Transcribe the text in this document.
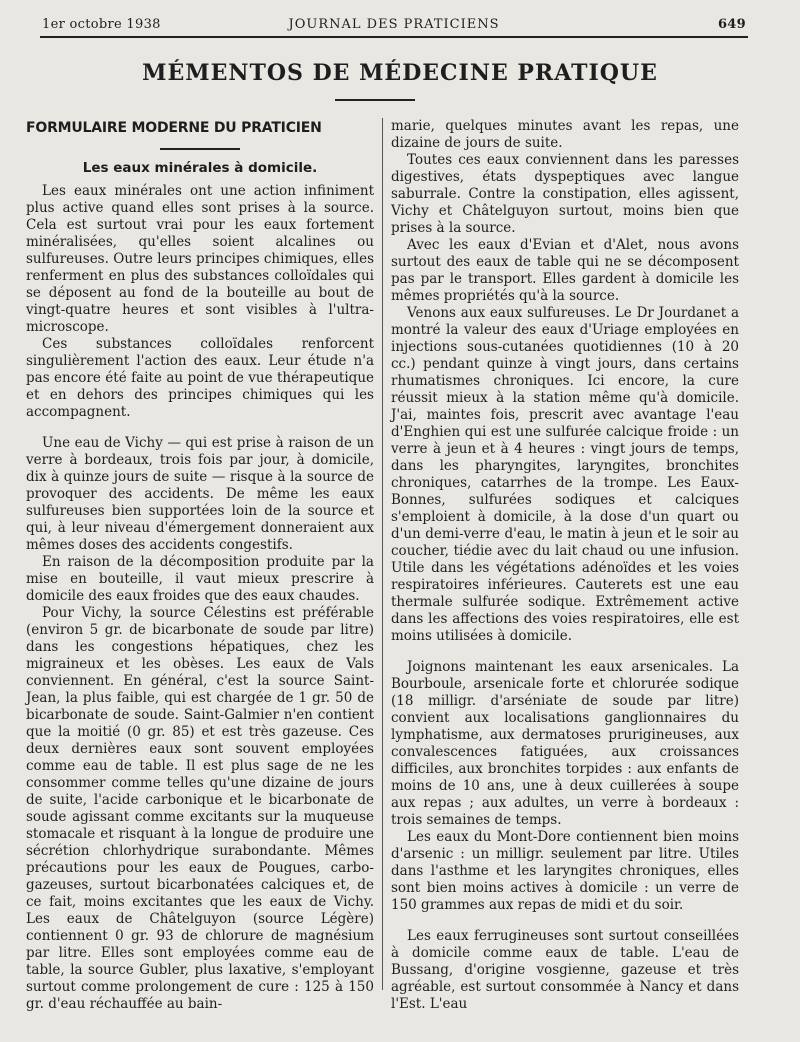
1er octobre 1938	JOURNAL DES PRATICIENS	649
MÉMENTOS DE MÉDECINE PRATIQUE
FORMULAIRE MODERNE DU PRATICIEN
Les eaux minérales à domicile.

Les eaux minérales ont une action infiniment plus active quand elles sont prises à la source. Cela est surtout vrai pour les eaux fortement minéralisées, qu'elles soient alcalines ou sulfureuses. Outre leurs principes chimiques, elles renferment en plus des substances colloïdales qui se déposent au fond de la bouteille au bout de vingt-quatre heures et sont visibles à l'ultra-microscope.

Ces substances colloïdales renforcent singulièrement l'action des eaux. Leur étude n'a pas encore été faite au point de vue thérapeutique et en dehors des principes chimiques qui les accompagnent.

Une eau de Vichy — qui est prise à raison de un verre à bordeaux, trois fois par jour, à domicile, dix à quinze jours de suite — risque à la source de provoquer des accidents. De même les eaux sulfureuses bien supportées loin de la source et qui, à leur niveau d'émergement donneraient aux mêmes doses des accidents congestifs.

En raison de la décomposition produite par la mise en bouteille, il vaut mieux prescrire à domicile des eaux froides que des eaux chaudes.

Pour Vichy, la source Célestins est préférable (environ 5 gr. de bicarbonate de soude par litre) dans les congestions hépatiques, chez les migraineux et les obèses. Les eaux de Vals conviennent. En général, c'est la source Saint-Jean, la plus faible, qui est chargée de 1 gr. 50 de bicarbonate de soude. Saint-Galmier n'en contient que la moitié (0 gr. 85) et est très gazeuse. Ces deux dernières eaux sont souvent employées comme eau de table. Il est plus sage de ne les consommer comme telles qu'une dizaine de jours de suite, l'acide carbonique et le bicarbonate de soude agissant comme excitants sur la muqueuse stomacale et risquant à la longue de produire une sécrétion chlorhydrique surabondante. Mêmes précautions pour les eaux de Pougues, carbo-gazeuses, surtout bicarbonatées calciques et, de ce fait, moins excitantes que les eaux de Vichy. Les eaux de Châtelguyon (source Légère) contiennent 0 gr. 93 de chlorure de magnésium par litre. Elles sont employées comme eau de table, la source Gubler, plus laxative, s'employant surtout comme prolongement de cure : 125 à 150 gr. d'eau réchauffée au bain-

marie, quelques minutes avant les repas, une dizaine de jours de suite.

Toutes ces eaux conviennent dans les paresses digestives, états dyspeptiques avec langue saburrale. Contre la constipation, elles agissent, Vichy et Châtelguyon surtout, moins bien que prises à la source.

Avec les eaux d'Evian et d'Alet, nous avons surtout des eaux de table qui ne se décomposent pas par le transport. Elles gardent à domicile les mêmes propriétés qu'à la source.

Venons aux eaux sulfureuses. Le Dr Jourdanet a montré la valeur des eaux d'Uriage employées en injections sous-cutanées quotidiennes (10 à 20 cc.) pendant quinze à vingt jours, dans certains rhumatismes chroniques. Ici encore, la cure réussit mieux à la station même qu'à domicile. J'ai, maintes fois, prescrit avec avantage l'eau d'Enghien qui est une sulfurée calcique froide : un verre à jeun et à 4 heures : vingt jours de temps, dans les pharyngites, laryngites, bronchites chroniques, catarrhes de la trompe. Les Eaux-Bonnes, sulfurées sodiques et calciques s'emploient à domicile, à la dose d'un quart ou d'un demi-verre d'eau, le matin à jeun et le soir au coucher, tiédie avec du lait chaud ou une infusion. Utile dans les végétations adénoïdes et les voies respiratoires inférieures. Cauterets est une eau thermale sulfurée sodique. Extrêmement active dans les affections des voies respiratoires, elle est moins utilisées à domicile.

Joignons maintenant les eaux arsenicales. La Bourboule, arsenicale forte et chlorurée sodique (18 milligr. d'arséniate de soude par litre) convient aux localisations ganglionnaires du lymphatisme, aux dermatoses prurigineuses, aux convalescences fatiguées, aux croissances difficiles, aux bronchites torpides : aux enfants de moins de 10 ans, une à deux cuillerées à soupe aux repas ; aux adultes, un verre à bordeaux : trois semaines de temps.

Les eaux du Mont-Dore contiennent bien moins d'arsenic : un milligr. seulement par litre. Utiles dans l'asthme et les laryngites chroniques, elles sont bien moins actives à domicile : un verre de 150 grammes aux repas de midi et du soir.

Les eaux ferrugineuses sont surtout conseillées à domicile comme eaux de table. L'eau de Bussang, d'origine vosgienne, gazeuse et très agréable, est surtout consommée à Nancy et dans l'Est. L'eau
